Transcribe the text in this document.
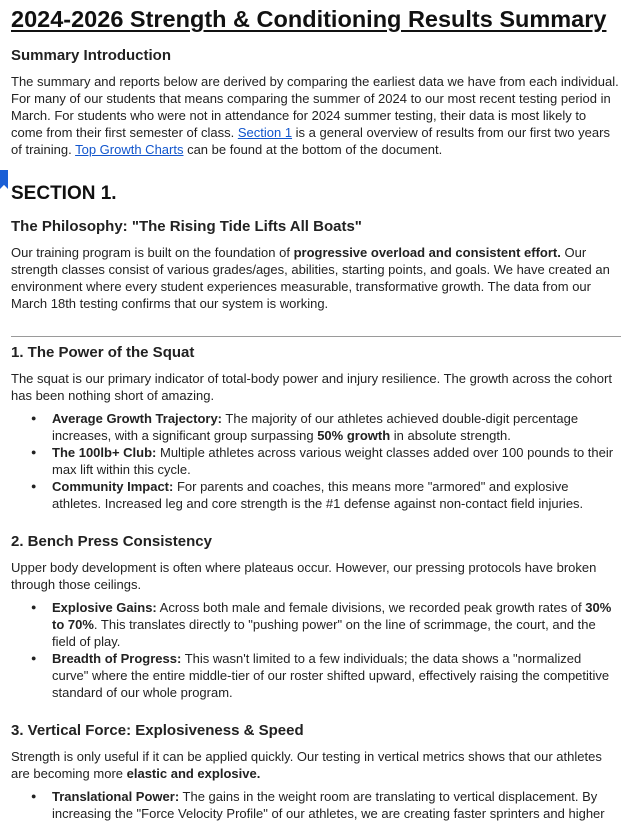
2024-2026 Strength & Conditioning Results Summary
Summary Introduction

The summary and reports below are derived by comparing the earliest data we have from each individual. For many of our students that means comparing the summer of 2024 to our most recent testing period in March. For students who were not in attendance for 2024 summer testing, their data is most likely to come from their first semester of class. Section 1 is a general overview of results from our first two years of training. Top Growth Charts can be found at the bottom of the document.

SECTION 1.
The Philosophy: "The Rising Tide Lifts All Boats"

Our training program is built on the foundation of progressive overload and consistent effort. Our strength classes consist of various grades/ages, abilities, starting points, and goals. We have created an environment where every student experiences measurable, transformative growth. The data from our March 18th testing confirms that our system is working.

1. The Power of the Squat

The squat is our primary indicator of total-body power and injury resilience. The growth across the cohort has been nothing short of amazing.

● Average Growth Trajectory: The majority of our athletes achieved double-digit percentage increases, with a significant group surpassing 50% growth in absolute strength.
● The 100lb+ Club: Multiple athletes across various weight classes added over 100 pounds to their max lift within this cycle.
● Community Impact: For parents and coaches, this means more "armored" and explosive athletes. Increased leg and core strength is the #1 defense against non-contact field injuries.
2. Bench Press Consistency

Upper body development is often where plateaus occur. However, our pressing protocols have broken through those ceilings.

● Explosive Gains: Across both male and female divisions, we recorded peak growth rates of 30% to 70%. This translates directly to "pushing power" on the line of scrimmage, the court, and the field of play.
● Breadth of Progress: This wasn't limited to a few individuals; the data shows a "normalized curve" where the entire middle-tier of our roster shifted upward, effectively raising the competitive standard of our whole program.
3. Vertical Force: Explosiveness & Speed

Strength is only useful if it can be applied quickly. Our testing in vertical metrics shows that our athletes are becoming more elastic and explosive.

● Translational Power: The gains in the weight room are translating to vertical displacement. By increasing the "Force Velocity Profile" of our athletes, we are creating faster sprinters and higher
